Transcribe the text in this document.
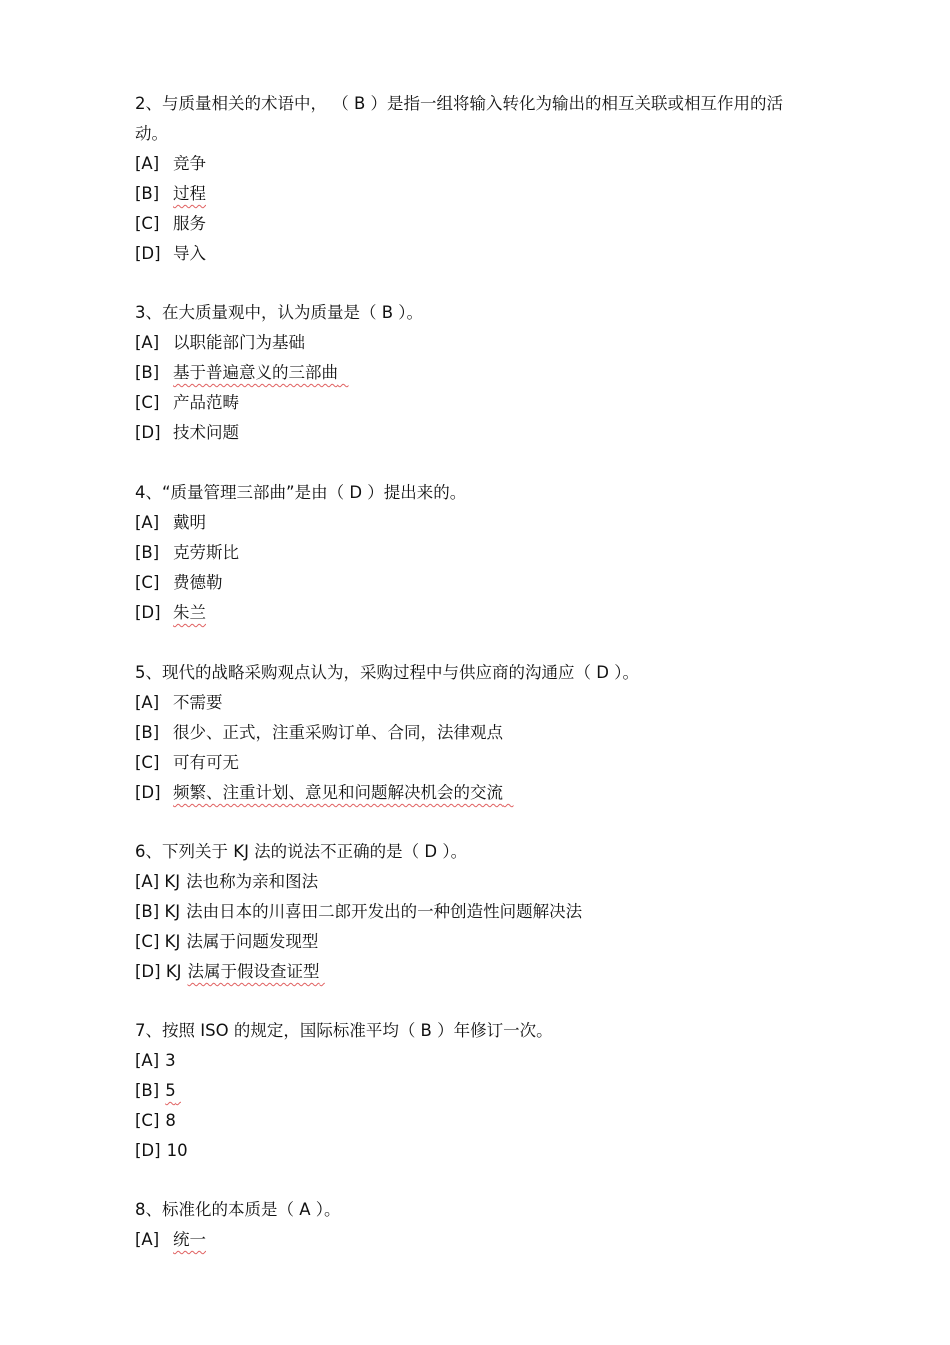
2、与质量相关的术语中， （ B ）是指一组将输入转化为输出的相互关联或相互作用的活动。

[A] 竞争
[B] 过程
[C] 服务
[D] 导入

3、在大质量观中，认为质量是（ B ）。

[A] 以职能部门为基础
[B] 基于普遍意义的三部曲
[C] 产品范畴
[D] 技术问题

4、“质量管理三部曲”是由（ D ）提出来的。

[A] 戴明
[B] 克劳斯比
[C] 费德勒
[D] 朱兰

5、现代的战略采购观点认为，采购过程中与供应商的沟通应（ D ）。

[A] 不需要
[B] 很少、正式，注重采购订单、合同，法律观点
[C] 可有可无
[D] 频繁、注重计划、意见和问题解决机会的交流

6、下列关于 KJ 法的说法不正确的是（ D ）。

[A] KJ 法也称为亲和图法
[B] KJ 法由日本的川喜田二郎开发出的一种创造性问题解决法
[C] KJ 法属于问题发现型
[D] KJ 法属于假设查证型

7、按照 ISO 的规定，国际标准平均（ B ）年修订一次。

[A] 3
[B] 5
[C] 8
[D] 10

8、标准化的本质是（ A ）。

[A] 统一
